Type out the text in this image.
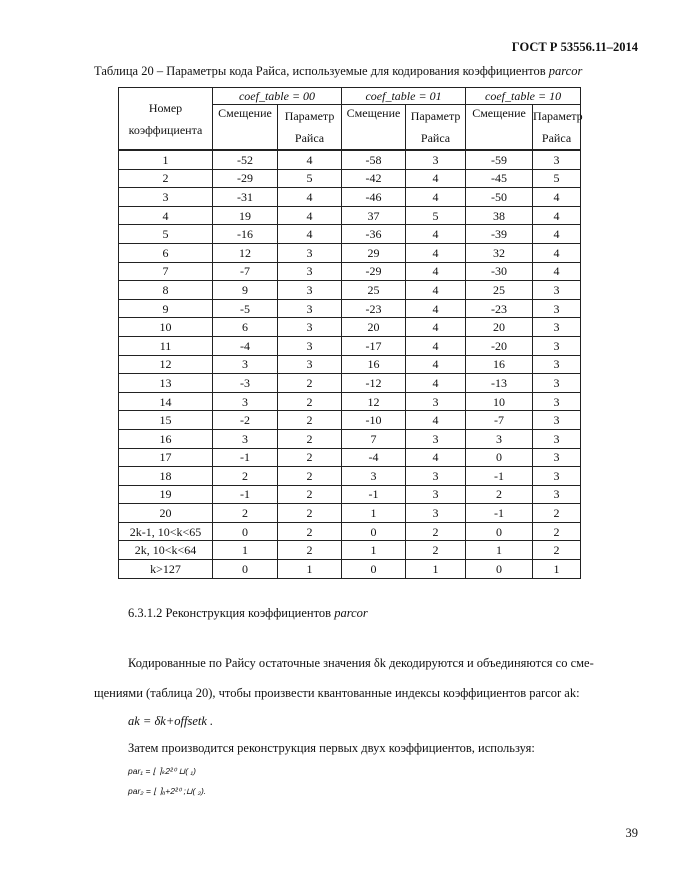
ГОСТ Р 53556.11–2014
Таблица 20 – Параметры кода Райса, используемые для кодирования коэффициентов parcor
Номер коэффициента	coef_table = 00		coef_table = 01		coef_table = 10	
	Смещение	Параметр Райса	Смещение	Параметр Райса	Смещение	Параметр Райса
1	-52	4	-58	3	-59	3
2	-29	5	-42	4	-45	5
3	-31	4	-46	4	-50	4
4	19	4	37	5	38	4
5	-16	4	-36	4	-39	4
6	12	3	29	4	32	4
7	-7	3	-29	4	-30	4
8	9	3	25	4	25	3
9	-5	3	-23	4	-23	3
10	6	3	20	4	20	3
11	-4	3	-17	4	-20	3
12	3	3	16	4	16	3
13	-3	2	-12	4	-13	3
14	3	2	12	3	10	3
15	-2	2	-10	4	-7	3
16	3	2	7	3	3	3
17	-1	2	-4	4	0	3
18	2	2	3	3	-1	3
19	-1	2	-1	3	2	3
20	2	2	1	3	-1	2
2k-1, 10<k<65	0	2	0	2	0	2
2k, 10<k<64	1	2	1	2	1	2
k>127	0	1	0	1	0	1
6.3.1.2 Реконструкция коэффициентов parcor
Кодированные по Райсу остаточные значения δk декодируются и объединяются со сме-
щениями (таблица 20), чтобы произвести квантованные индексы коэффициентов parcor ak:
ak = δk+offsetk .
Затем производится реконструкция первых двух коэффициентов, используя:
par₁ = ⌊ ⌉ₖ2²⁰ ⊔( ₁)
par₂ = ⌊ ⌉ₐ+2²⁰ ;⊔( ₂).
39
